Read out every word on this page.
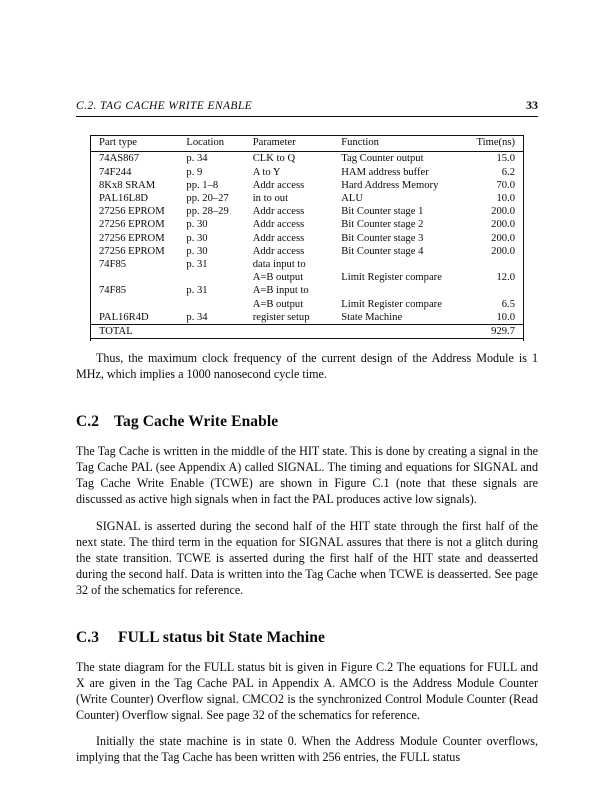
C.2. TAG CACHE WRITE ENABLE	33
Part type	Location	Parameter	Function	Time(ns)

74AS867	p. 34	CLK to Q	Tag Counter output	15.0
74F244	p. 9	A to Y	HAM address buffer	6.2
8Kx8 SRAM	pp. 1–8	Addr access	Hard Address Memory	70.0
PAL16L8D	pp. 20–27	in to out	ALU	10.0
27256 EPROM	pp. 28–29	Addr access	Bit Counter stage 1	200.0
27256 EPROM	p. 30	Addr access	Bit Counter stage 2	200.0
27256 EPROM	p. 30	Addr access	Bit Counter stage 3	200.0
27256 EPROM	p. 30	Addr access	Bit Counter stage 4	200.0
74F85	p. 31	data input to		
		A=B output	Limit Register compare	12.0
74F85	p. 31	A=B input to		
		A=B output	Limit Register compare	6.5
PAL16R4D	p. 34	register setup	State Machine	10.0
TOTAL				929.7

Thus, the maximum clock frequency of the current design of the Address Module is 1 MHz, which implies a 1000 nanosecond cycle time.

C.2 Tag Cache Write Enable

The Tag Cache is written in the middle of the HIT state. This is done by creating a signal in the Tag Cache PAL (see Appendix A) called SIGNAL. The timing and equations for SIGNAL and Tag Cache Write Enable (TCWE) are shown in Figure C.1 (note that these signals are discussed as active high signals when in fact the PAL produces active low signals).

SIGNAL is asserted during the second half of the HIT state through the first half of the next state. The third term in the equation for SIGNAL assures that there is not a glitch during the state transition. TCWE is asserted during the first half of the HIT state and deasserted during the second half. Data is written into the Tag Cache when TCWE is deasserted. See page 32 of the schematics for reference.

C.3 FULL status bit State Machine

The state diagram for the FULL status bit is given in Figure C.2 The equations for FULL and X are given in the Tag Cache PAL in Appendix A. AMCO is the Address Module Counter (Write Counter) Overflow signal. CMCO2 is the synchronized Control Module Counter (Read Counter) Overflow signal. See page 32 of the schematics for reference.

Initially the state machine is in state 0. When the Address Module Counter overflows, implying that the Tag Cache has been written with 256 entries, the FULL status
